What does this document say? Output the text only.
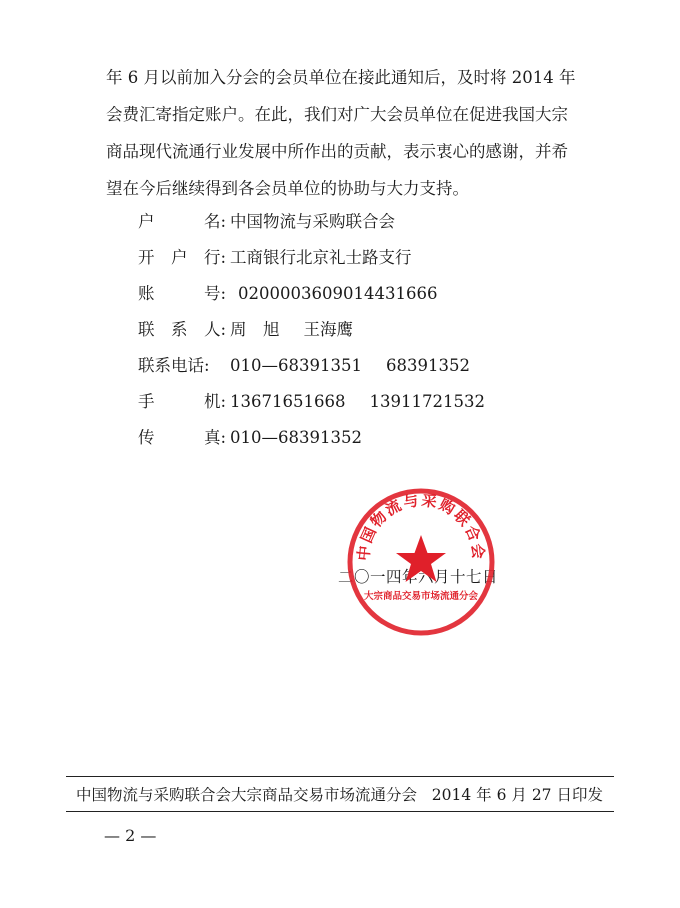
年 6 月以前加入分会的会员单位在接此通知后，及时将 2014 年

会费汇寄指定账户。在此，我们对广大会员单位在促进我国大宗

商品现代流通行业发展中所作出的贡献，表示衷心的感谢，并希

望在今后继续得到各会员单位的协助与大力支持。

户	名: 中国物流与采购联合会
开 户 行: 工商银行北京礼士路支行
账	号: 0200003609014431666
联 系 人: 周　旭 王海鹰
联系电话: 010—68391351 68391352
手	机: 13671651668 13911721532
传	真: 010—68391352
二〇一四年六月十七日
中国物流与采购联合会
大宗商品交易市场流通分会
中国物流与采购联合会大宗商品交易市场流通分会 2014 年 6 月 27 日印发
— 2 —
